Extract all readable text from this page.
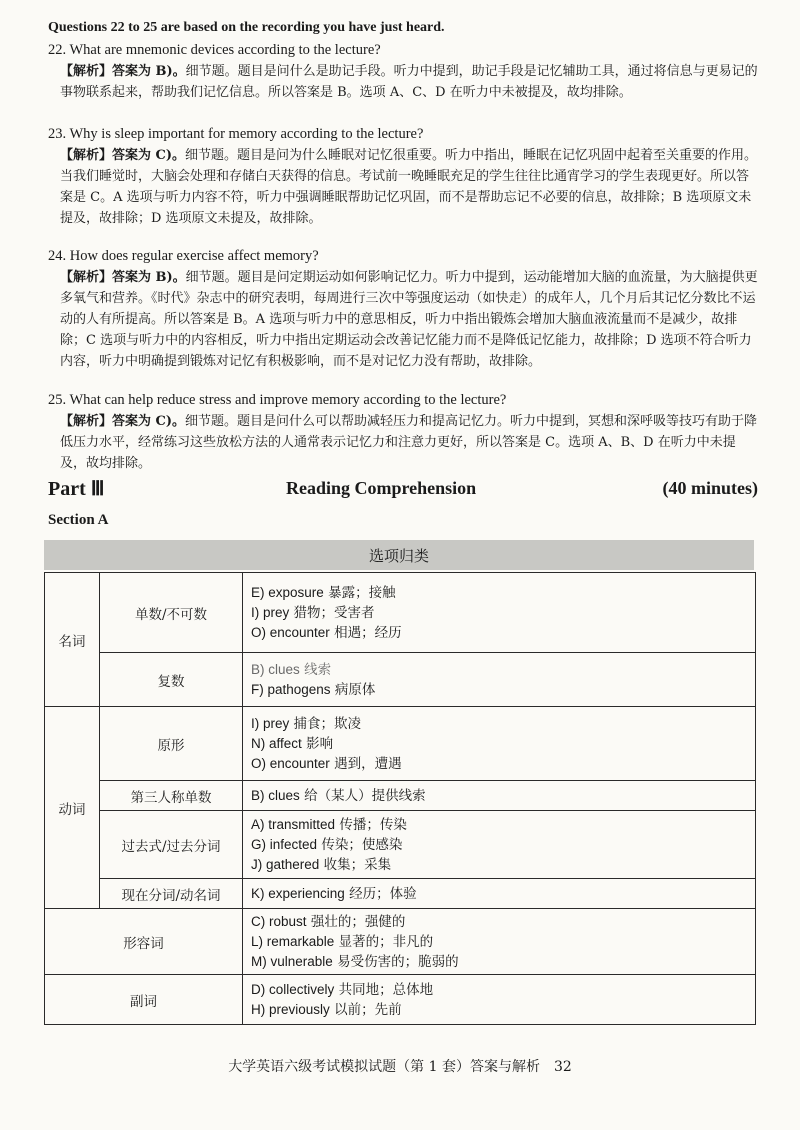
Questions 22 to 25 are based on the recording you have just heard.
22. What are mnemonic devices according to the lecture?
【解析】答案为 B)。细节题。题目是问什么是助记手段。听力中提到，助记手段是记忆辅助工具，通过将信息与更易记的事物联系起来，帮助我们记忆信息。所以答案是 B。选项 A、C、D 在听力中未被提及，故均排除。
23. Why is sleep important for memory according to the lecture?
【解析】答案为 C)。细节题。题目是问为什么睡眠对记忆很重要。听力中指出，睡眠在记忆巩固中起着至关重要的作用。当我们睡觉时，大脑会处理和存储白天获得的信息。考试前一晚睡眠充足的学生往往比通宵学习的学生表现更好。所以答案是 C。A 选项与听力内容不符，听力中强调睡眠帮助记忆巩固，而不是帮助忘记不必要的信息，故排除；B 选项原文未提及，故排除；D 选项原文未提及，故排除。
24. How does regular exercise affect memory?
【解析】答案为 B)。细节题。题目是问定期运动如何影响记忆力。听力中提到，运动能增加大脑的血流量，为大脑提供更多氧气和营养。《时代》杂志中的研究表明，每周进行三次中等强度运动（如快走）的成年人，几个月后其记忆分数比不运动的人有所提高。所以答案是 B。A 选项与听力中的意思相反，听力中指出锻炼会增加大脑血液流量而不是减少，故排除；C 选项与听力中的内容相反，听力中指出定期运动会改善记忆能力而不是降低记忆能力，故排除；D 选项不符合听力内容，听力中明确提到锻炼对记忆有积极影响，而不是对记忆力没有帮助，故排除。
25. What can help reduce stress and improve memory according to the lecture?
【解析】答案为 C)。细节题。题目是问什么可以帮助减轻压力和提高记忆力。听力中提到，冥想和深呼吸等技巧有助于降低压力水平，经常练习这些放松方法的人通常表示记忆力和注意力更好，所以答案是 C。选项 A、B、D 在听力中未提及，故均排除。
Part Ⅲ	Reading Comprehension	(40 minutes)
Section A
选项归类
名词	单数/不可数	E) exposure 暴露；接触
I) prey 猎物；受害者
O) encounter 相遇；经历

	复数	B) clues 线索
F) pathogens 病原体

动词	原形	I) prey 捕食；欺凌
N) affect 影响
O) encounter 遇到，遭遇

	第三人称单数	B) clues 给（某人）提供线索

	过去式/过去分词	A) transmitted 传播；传染
G) infected 传染；使感染
J) gathered 收集；采集

	现在分词/动名词	K) experiencing 经历；体验

形容词		C) robust 强壮的；强健的
L) remarkable 显著的；非凡的
M) vulnerable 易受伤害的；脆弱的

副词		D) collectively 共同地；总体地
H) previously 以前；先前
大学英语六级考试模拟试题（第 1 套）答案与解析　32
